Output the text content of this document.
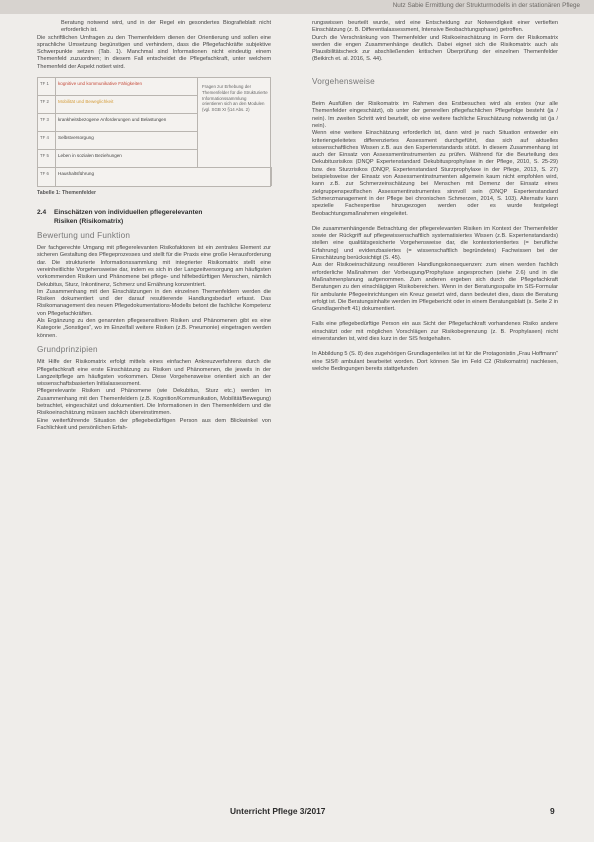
Nutz Sabie Ermittlung der Strukturmodells in der stationären Pflege

Beratung notwend wird, und in der Regel ein gesondertes Biografieblatt nicht erforderlich ist.

Die schriftlichen Umfragen zu den Themenfeldern dienen der Orientierung und sollen eine sprachliche Umsetzung begünstigen und verhindern, dass die Pflegefachkräfte subjektive Schwerpunkte setzen (Tab. 1). Manchmal sind Informationen nicht eindeutig einem Themenfeld zuzuordnen; in diesem Fall entscheidet die Pflegefachkraft, unter welchem Themenfeld der Aspekt notiert wird.

TF 1	kognitive und kommunikative Fähigkeiten
Fragen zur Erhebung der Themenfelder für die Strukturierte Informationssammlung orientieren sich an den Modulen (vgl. SGB XI §14 Abs. 2)
TF 2	Mobilität und Beweglichkeit
TF 3	krankheitsbezogene Anforderungen und Belastungen
TF 4	Selbstversorgung
TF 5	Leben in sozialen Beziehungen
TF 6	Haushaltsführung
Tabelle 1: Themenfelder
2.4 Einschätzen von individuellen pflegerelevanten
Risiken (Risikomatrix)
Bewertung und Funktion

Der fachgerechte Umgang mit pflegerelevanten Risikofaktoren ist ein zentrales Element zur sicheren Gestaltung des Pflegeprozesses und stellt für die Praxis eine große Herausforderung dar. Die strukturierte Informationssammlung mit integrierter Risikomatrix stellt eine vereinheitlichte Vorgehensweise dar, indem es sich in der Langzeitversorgung am häufigsten vorkommenden Risiken und Phänomene bei pflege- und hilfebedürftigen Menschen, nämlich Dekubitus, Sturz, Inkontinenz, Schmerz und Ernährung konzentriert.

Im Zusammenhang mit den Einschätzungen in den einzelnen Themenfeldern werden die Risiken dokumentiert und der darauf resultierende Handlungsbedarf erfasst. Das Risikomanagement des neuen Pflegedokumentations-Modells betont die fachliche Kompetenz von Pflegefachkräften.

Als Ergänzung zu den genannten pflegesensitiven Risiken und Phänomenen gibt es eine Kategorie „Sonstiges“, wo im Einzelfall weitere Risiken (z.B. Pneumonie) eingetragen werden können.

Grundprinzipien

Mit Hilfe der Risikomatrix erfolgt mittels eines einfachen Ankreuzverfahrens durch die Pflegefachkraft eine erste Einschätzung zu Risiken und Phänomenen, die jeweils in der Langzeitpflege am häufigsten vorkommen. Diese Vorgehensweise orientiert sich an der wissenschaftsbasierten Initialassessment.

Pflegerelevante Risiken und Phänomene (wie Dekubitus, Sturz etc.) werden im Zusammenhang mit den Themenfeldern (z.B. Kognition/Kommunikation, Mobilität/Bewegung) betrachtet, eingeschätzt und dokumentiert. Die Informationen in den Themenfeldern und die Risikoeinschätzung müssen sachlich übereinstimmen.

Eine weiterführende Situation der pflegebedürftigen Person aus dem Blickwinkel von Fachlichkeit und persönlichen Erfah-

rungswissen beurteilt wurde, wird eine Entscheidung zur Notwendigkeit einer vertieften Einschätzung (z. B. Differentialassessment, Intensive Beobachtungsphase) getroffen.

Durch die Verschränkung von Themenfelder und Risikoeinschätzung in Form der Risikomatrix werden die engen Zusammenhänge deutlich. Dabei eignet sich die Risikomatrix auch als Plausibilitätscheck zur abschließenden kritischen Überprüfung der einzelnen Themenfelder (Beikirch et. al. 2016, S. 44).

Vorgehensweise

Beim Ausfüllen der Risikomatrix im Rahmen des Erstbesuches wird als erstes (nur alle Themenfelder eingeschätzt), ob unter der generellen pflegefachlichen Pflegefolge besteht (ja / nein). Im zweiten Schritt wird beurteilt, ob eine weitere fachliche Einschätzung notwendig ist (ja / nein).

Wenn eine weitere Einschätzung erforderlich ist, dann wird je nach Situation entweder ein kriteriengeleitetes differenziertes Assessment durchgeführt, das sich auf aktuelles wissenschaftliches Wissen z.B. aus den Expertenstandards stützt. In diesem Zusammenhang ist auch der Einsatz von Assessmentinstrumenten zu prüfen. Während für die Beurteilung des Dekubitusrisikos (DNQP Expertenstandard Dekubitusprophylaxe in der Pflege, 2010, S. 25-29) bzw. des Sturzrisikos (DNQP, Expertenstandard Sturzprophylaxe in der Pflege, 2013, S. 27) beispielsweise der Einsatz von Assessmentinstrumenten allgemein kaum nicht empfohlen wird, kann z.B. zur Schmerzeinschätzung bei Menschen mit Demenz der Einsatz eines zielgruppenspezifischen Assessmentinstrumentes sinnvoll sein (DNQP Expertenstandard Schmerzmanagement in der Pflege bei chronischen Schmerzen, 2014, S. 103). Alternativ kann spezielle Fachexpertise hinzugezogen werden oder es wurde festgelegt Beobachtungsmaßnahmen eingeleitet.

Die zusammenhängende Betrachtung der pflegerelevanten Risiken im Kontext der Themenfelder sowie der Rückgriff auf pflegewissenschaftlich systematisiertes Wissen (z.B. Expertenstandards) stellen eine qualitätsgesicherte Vorgehensweise dar, die kontextorientiertes (= berufliche Erfahrung) und evidenzbasiertes (= wissenschaftlich begründetes) Fachwissen bei der Einschätzung berücksichtigt (S. 45).

Aus der Risikoeinschätzung resultieren Handlungskonsequenzen: zum einen werden fachlich erforderliche Maßnahmen der Vorbeugung/Prophylaxe angesprochen (siehe 2.6) und in die Maßnahmenplanung aufgenommen. Zum anderen ergeben sich durch die Pflegefachkraft Beratungen zu den einschlägigen Risikobereichen. Wenn in der Beratungsspalte im SIS-Formular für ambulante Pflegeeinrichtungen ein Kreuz gesetzt wird, dann bedeutet dies, dass die Beratung erfolgt ist. Die Beratungsinhalte werden im Pflegebericht oder in einem Beratungsblatt (s. Seite 2 in Grundlagenheft 41) dokumentiert.

Falls eine pflegebedürftige Person ein aus Sicht der Pflegefachkraft vorhandenes Risiko andere einschätzt oder mit möglichen Vorschlägen zur Risikobegrenzung (z. B. Prophylaxen) nicht einverstanden ist, wird dies kurz in der SIS festgehalten.

In Abbildung 5 (S. 8) des zugehörigen Grundlagenteiles ist ist für die Protagonistin „Frau Hoffmann“ eine SIS® ambulant bearbeitet worden. Dort können Sie im Feld C2 (Risikomatrix) nachlesen, welche Bedingungen bereits stattgefunden

Unterricht Pflege 3/2017	9
